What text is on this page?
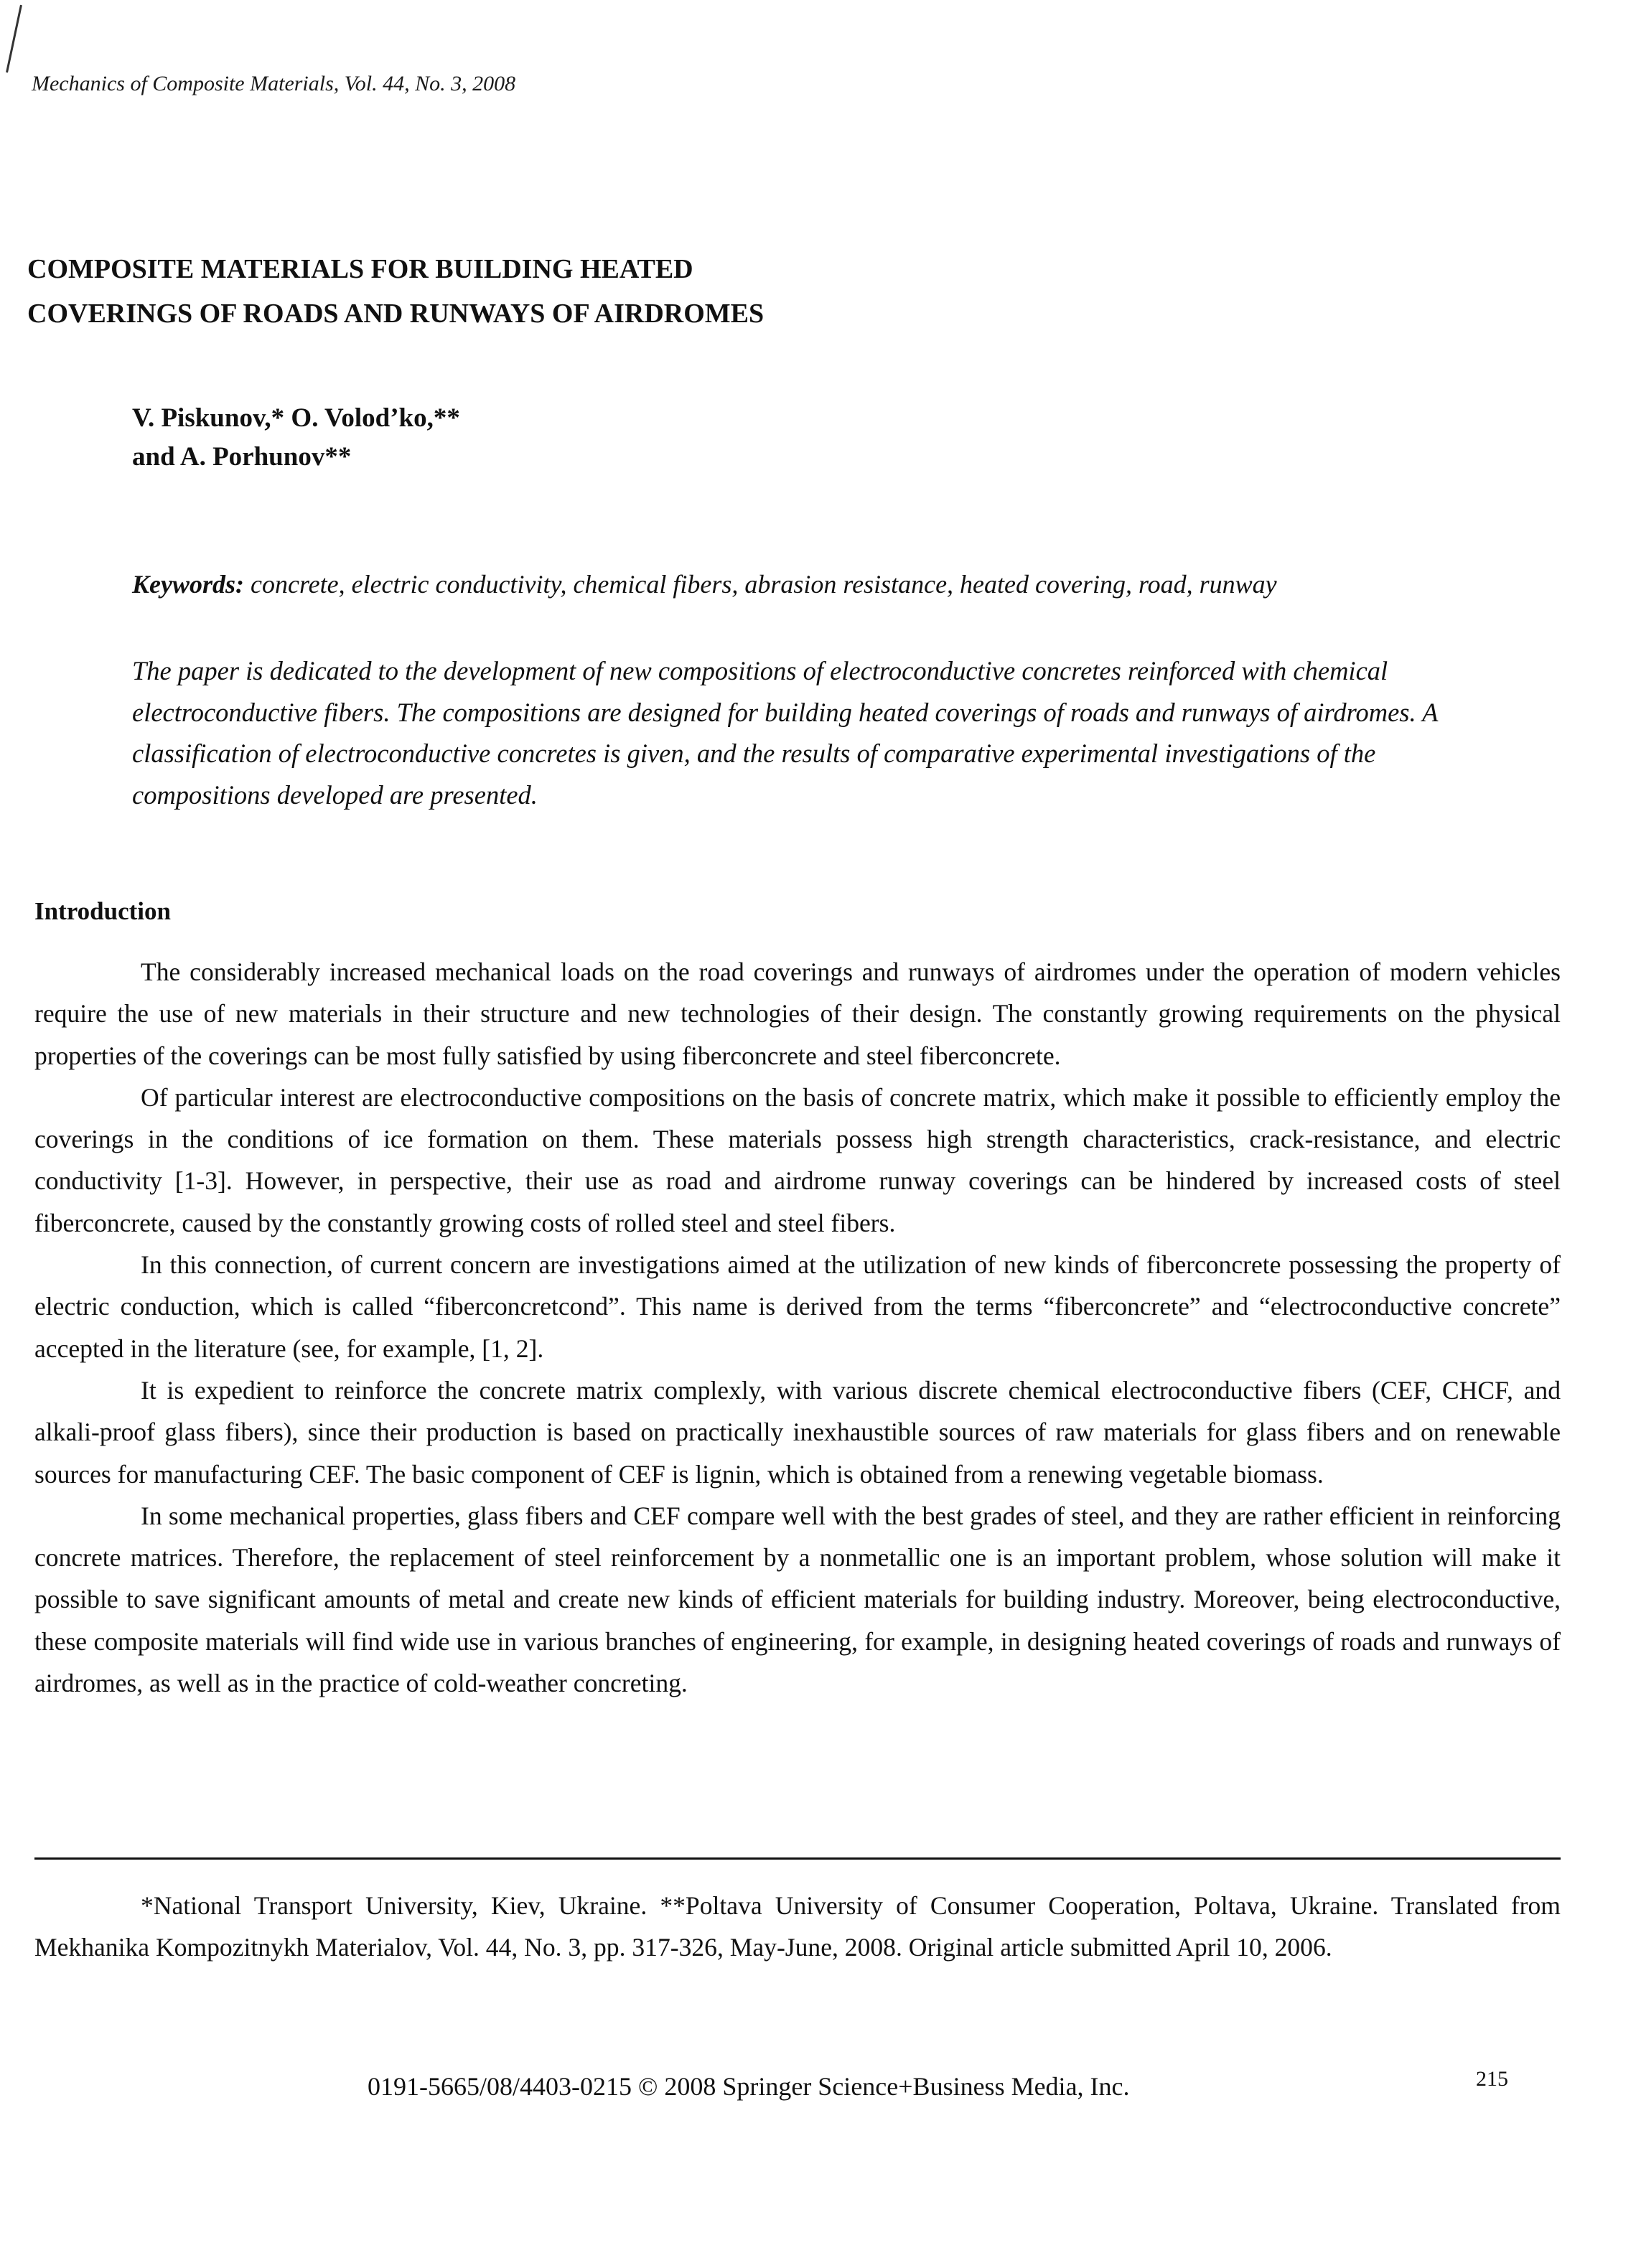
Mechanics of Composite Materials, Vol. 44, No. 3, 2008
COMPOSITE MATERIALS FOR BUILDING HEATED
COVERINGS OF ROADS AND RUNWAYS OF AIRDROMES
V. Piskunov,* O. Volod’ko,**
and A. Porhunov**
Keywords: concrete, electric conductivity, chemical fibers, abrasion resistance, heated covering, road, runway
The paper is dedicated to the development of new compositions of electroconductive concretes reinforced with chemical electroconductive fibers. The compositions are designed for building heated coverings of roads and runways of airdromes. A classification of electroconductive concretes is given, and the results of comparative experimental investigations of the compositions developed are presented.
Introduction

The considerably increased mechanical loads on the road coverings and runways of airdromes under the operation of modern vehicles require the use of new materials in their structure and new technologies of their design. The constantly growing requirements on the physical properties of the coverings can be most fully satisfied by using fiberconcrete and steel fiberconcrete.

Of particular interest are electroconductive compositions on the basis of concrete matrix, which make it possible to efficiently employ the coverings in the conditions of ice formation on them. These materials possess high strength characteristics, crack-resistance, and electric conductivity [1-3]. However, in perspective, their use as road and airdrome runway coverings can be hindered by increased costs of steel fiberconcrete, caused by the constantly growing costs of rolled steel and steel fibers.

In this connection, of current concern are investigations aimed at the utilization of new kinds of fiberconcrete possessing the property of electric conduction, which is called “fiberconcretcond”. This name is derived from the terms “fiberconcrete” and “electroconductive concrete” accepted in the literature (see, for example, [1, 2].

It is expedient to reinforce the concrete matrix complexly, with various discrete chemical electroconductive fibers (CEF, CHCF, and alkali-proof glass fibers), since their production is based on practically inexhaustible sources of raw materials for glass fibers and on renewable sources for manufacturing CEF. The basic component of CEF is lignin, which is obtained from a renewing vegetable biomass.

In some mechanical properties, glass fibers and CEF compare well with the best grades of steel, and they are rather efficient in reinforcing concrete matrices. Therefore, the replacement of steel reinforcement by a nonmetallic one is an important problem, whose solution will make it possible to save significant amounts of metal and create new kinds of efficient materials for building industry. Moreover, being electroconductive, these composite materials will find wide use in various branches of engineering, for example, in designing heated coverings of roads and runways of airdromes, as well as in the practice of cold-weather concreting.

*National Transport University, Kiev, Ukraine. **Poltava University of Consumer Cooperation, Poltava, Ukraine. Translated from Mekhanika Kompozitnykh Materialov, Vol. 44, No. 3, pp. 317-326, May-June, 2008. Original article submitted April 10, 2006.

0191-5665/08/4403-0215 © 2008 Springer Science+Business Media, Inc.	215
